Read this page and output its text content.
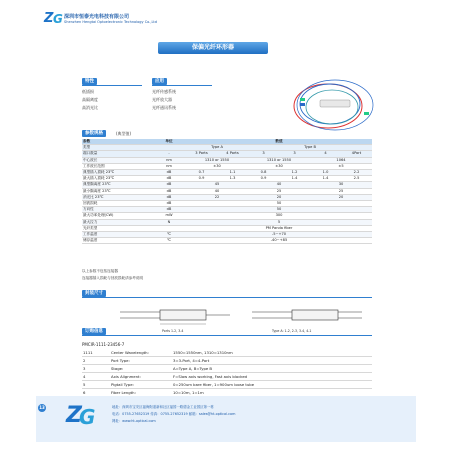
Z G 深圳市恒泰光电科技有限公司
Shenzhen Hengtai Optoelectronic Technology Co.,Ltd
保偏光纤环形器
特性
低插损
高隔离度
高消光比
应用
光纤传感系统
光纤放大器
光纤通讯系统
参数规格	(典型值)
参数	单位	数值					
类型		Type A		Type B			
端口数量	-	3 Ports	4 Ports	3	3	4	4Port
中心波长	nm	1310 or 1550		1310 or 1550		1064	
工作波长范围	nm	±30		±30		±5	
典型插入损耗 23℃	dB	0.7	1.1	0.8	1.2	1.0	2.2
最大插入损耗 23℃	dB	0.9	1.3	0.9	1.4	1.4	2.5
典型隔离度 23℃	dB	45		40		30	
最小隔离度 23℃	dB	40		25		25	
消光比 23℃	dB	22		20		20	
回波损耗	dB	50					
方向性	dB	50					
最大功率处理(CW)	mW	300					
最大拉力	N	5					
光纤类型		PM Panda fiber					
工作温度	℃	-5~+70					
储存温度	℃	-40~+85					
以上参数不包括连接器
连接器插入损耗与回波损耗请参考说明
封装尺寸
Ports 1-2, 3-4	Type A: 1-2, 2-3, 3-4, 4-1
订购信息
PMCIR-1111-23456-7
1111	Center Wavelength:	1550=1550nm, 1310=1310nm
2	Port Type:	3=3-Port, 4=4-Port
3	Stage:	A=Type A, B=Type B
4	Axis Alignment:	F=Slow axis working, Fast axis blocked
5	Pigtail Type:	0=250um bare fiber, 1=900um loose tube
6	Fiber Length:	10=10m, 1=1m

13 Z
G	地址：深圳市宝安区福海街道新和社区福园一路德金工业园区第一栋
电话：0755-27652319 传真：0755-27652319 邮箱：sales@ht-optical.com
网址：www.ht-optical.com
